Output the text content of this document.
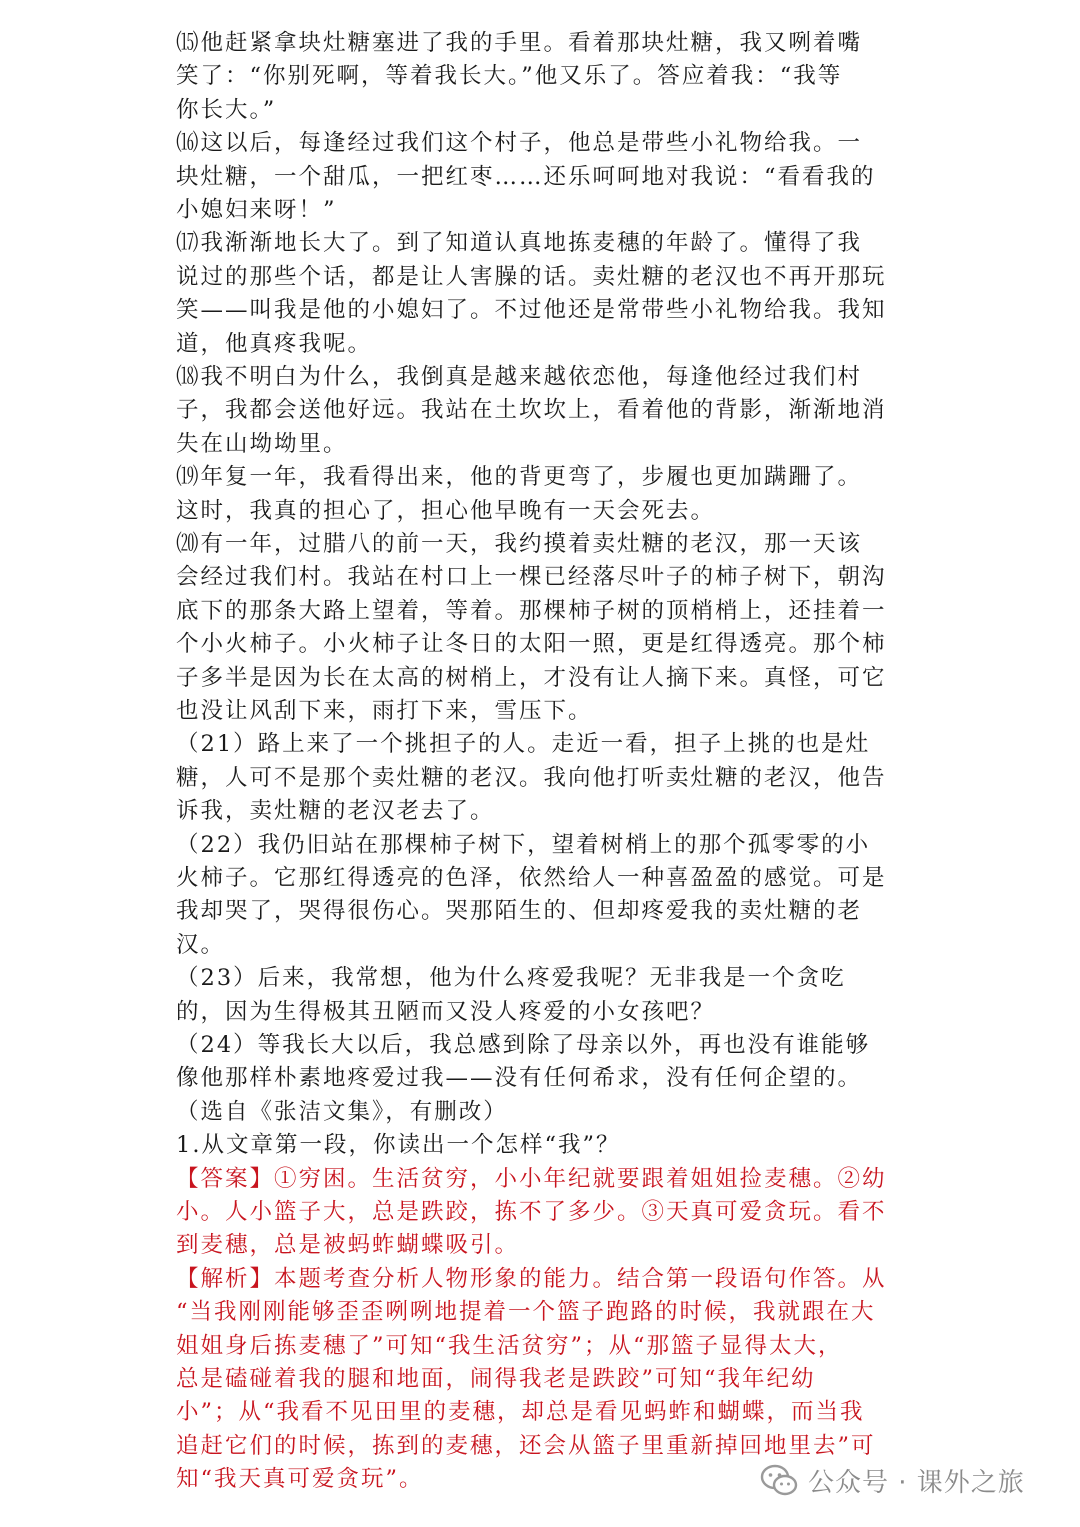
⒂他赶紧拿块灶糖塞进了我的手里。看着那块灶糖，我又咧着嘴
笑了：“你别死啊，等着我长大。”他又乐了。答应着我：“我等
你长大。”
⒃这以后，每逢经过我们这个村子，他总是带些小礼物给我。一
块灶糖，一个甜瓜，一把红枣……还乐呵呵地对我说：“看看我的
小媳妇来呀！”
⒄我渐渐地长大了。到了知道认真地拣麦穗的年龄了。懂得了我
说过的那些个话，都是让人害臊的话。卖灶糖的老汉也不再开那玩
笑——叫我是他的小媳妇了。不过他还是常带些小礼物给我。我知
道，他真疼我呢。
⒅我不明白为什么，我倒真是越来越依恋他，每逢他经过我们村
子，我都会送他好远。我站在土坎坎上，看着他的背影，渐渐地消
失在山坳坳里。
⒆年复一年，我看得出来，他的背更弯了，步履也更加蹒跚了。
这时，我真的担心了，担心他早晚有一天会死去。
⒇有一年，过腊八的前一天，我约摸着卖灶糖的老汉，那一天该
会经过我们村。我站在村口上一棵已经落尽叶子的柿子树下，朝沟
底下的那条大路上望着，等着。那棵柿子树的顶梢梢上，还挂着一
个小火柿子。小火柿子让冬日的太阳一照，更是红得透亮。那个柿
子多半是因为长在太高的树梢上，才没有让人摘下来。真怪，可它
也没让风刮下来，雨打下来，雪压下。
（21）路上来了一个挑担子的人。走近一看，担子上挑的也是灶
糖，人可不是那个卖灶糖的老汉。我向他打听卖灶糖的老汉，他告
诉我，卖灶糖的老汉老去了。
（22）我仍旧站在那棵柿子树下，望着树梢上的那个孤零零的小
火柿子。它那红得透亮的色泽，依然给人一种喜盈盈的感觉。可是
我却哭了，哭得很伤心。哭那陌生的、但却疼爱我的卖灶糖的老
汉。
（23）后来，我常想，他为什么疼爱我呢？无非我是一个贪吃
的，因为生得极其丑陋而又没人疼爱的小女孩吧？
（24）等我长大以后，我总感到除了母亲以外，再也没有谁能够
像他那样朴素地疼爱过我——没有任何希求，没有任何企望的。
（选自《张洁文集》，有删改）
1.从文章第一段，你读出一个怎样“我”？
【答案】①穷困。生活贫穷，小小年纪就要跟着姐姐捡麦穗。②幼
小。人小篮子大，总是跌跤，拣不了多少。③天真可爱贪玩。看不
到麦穗，总是被蚂蚱蝴蝶吸引。
【解析】本题考查分析人物形象的能力。结合第一段语句作答。从
“当我刚刚能够歪歪咧咧地提着一个篮子跑路的时候，我就跟在大
姐姐身后拣麦穗了”可知“我生活贫穷”；从“那篮子显得太大，
总是磕碰着我的腿和地面，闹得我老是跌跤”可知“我年纪幼
小”；从“我看不见田里的麦穗，却总是看见蚂蚱和蝴蝶，而当我
追赶它们的时候，拣到的麦穗，还会从篮子里重新掉回地里去”可
知“我天真可爱贪玩”。	公众号 · 课外之旅
